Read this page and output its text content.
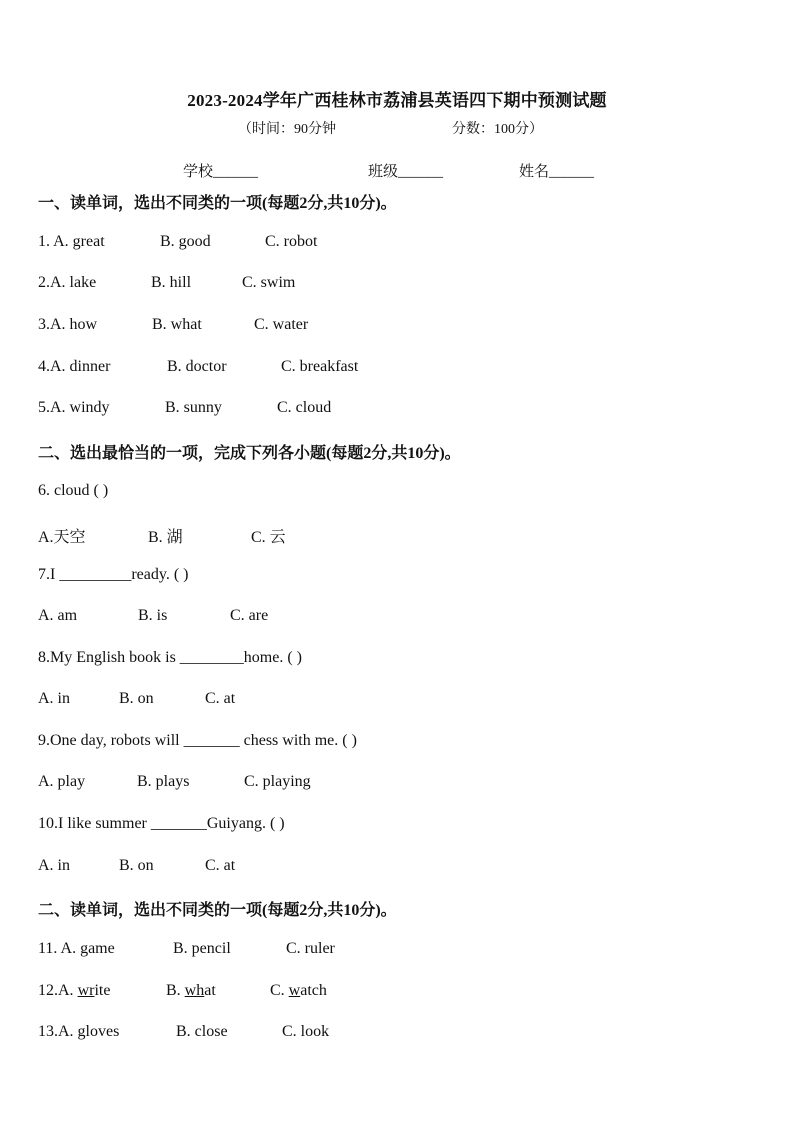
2023-2024学年广西桂林市荔浦县英语四下期中预测试题
（时间：90分钟	分数：100分）
学校______	班级______	姓名______
一、读单词，选出不同类的一项(每题2分,共10分)。
1. A. great	B. good	C. robot
2.A. lake	B. hill	C. swim
3.A. how	B. what	C. water
4.A. dinner	B. doctor	C. breakfast
5.A. windy	B. sunny	C. cloud
二、选出最恰当的一项，完成下列各小题(每题2分,共10分)。
6. cloud ( )
A.天空	B. 湖	C. 云
7.I _________ready. ( )
A. am	B. is	C. are
8.My English book is ________home. ( )
A. in	B. on	C. at
9.One day, robots will _______ chess with me. ( )
A. play	B. plays	C. playing
10.I like summer _______Guiyang. ( )
A. in	B. on	C. at
二、读单词，选出不同类的一项(每题2分,共10分)。
11. A. game	B. pencil	C. ruler
12.A. write	B. what	C. watch
13.A. gloves	B. close	C. look
